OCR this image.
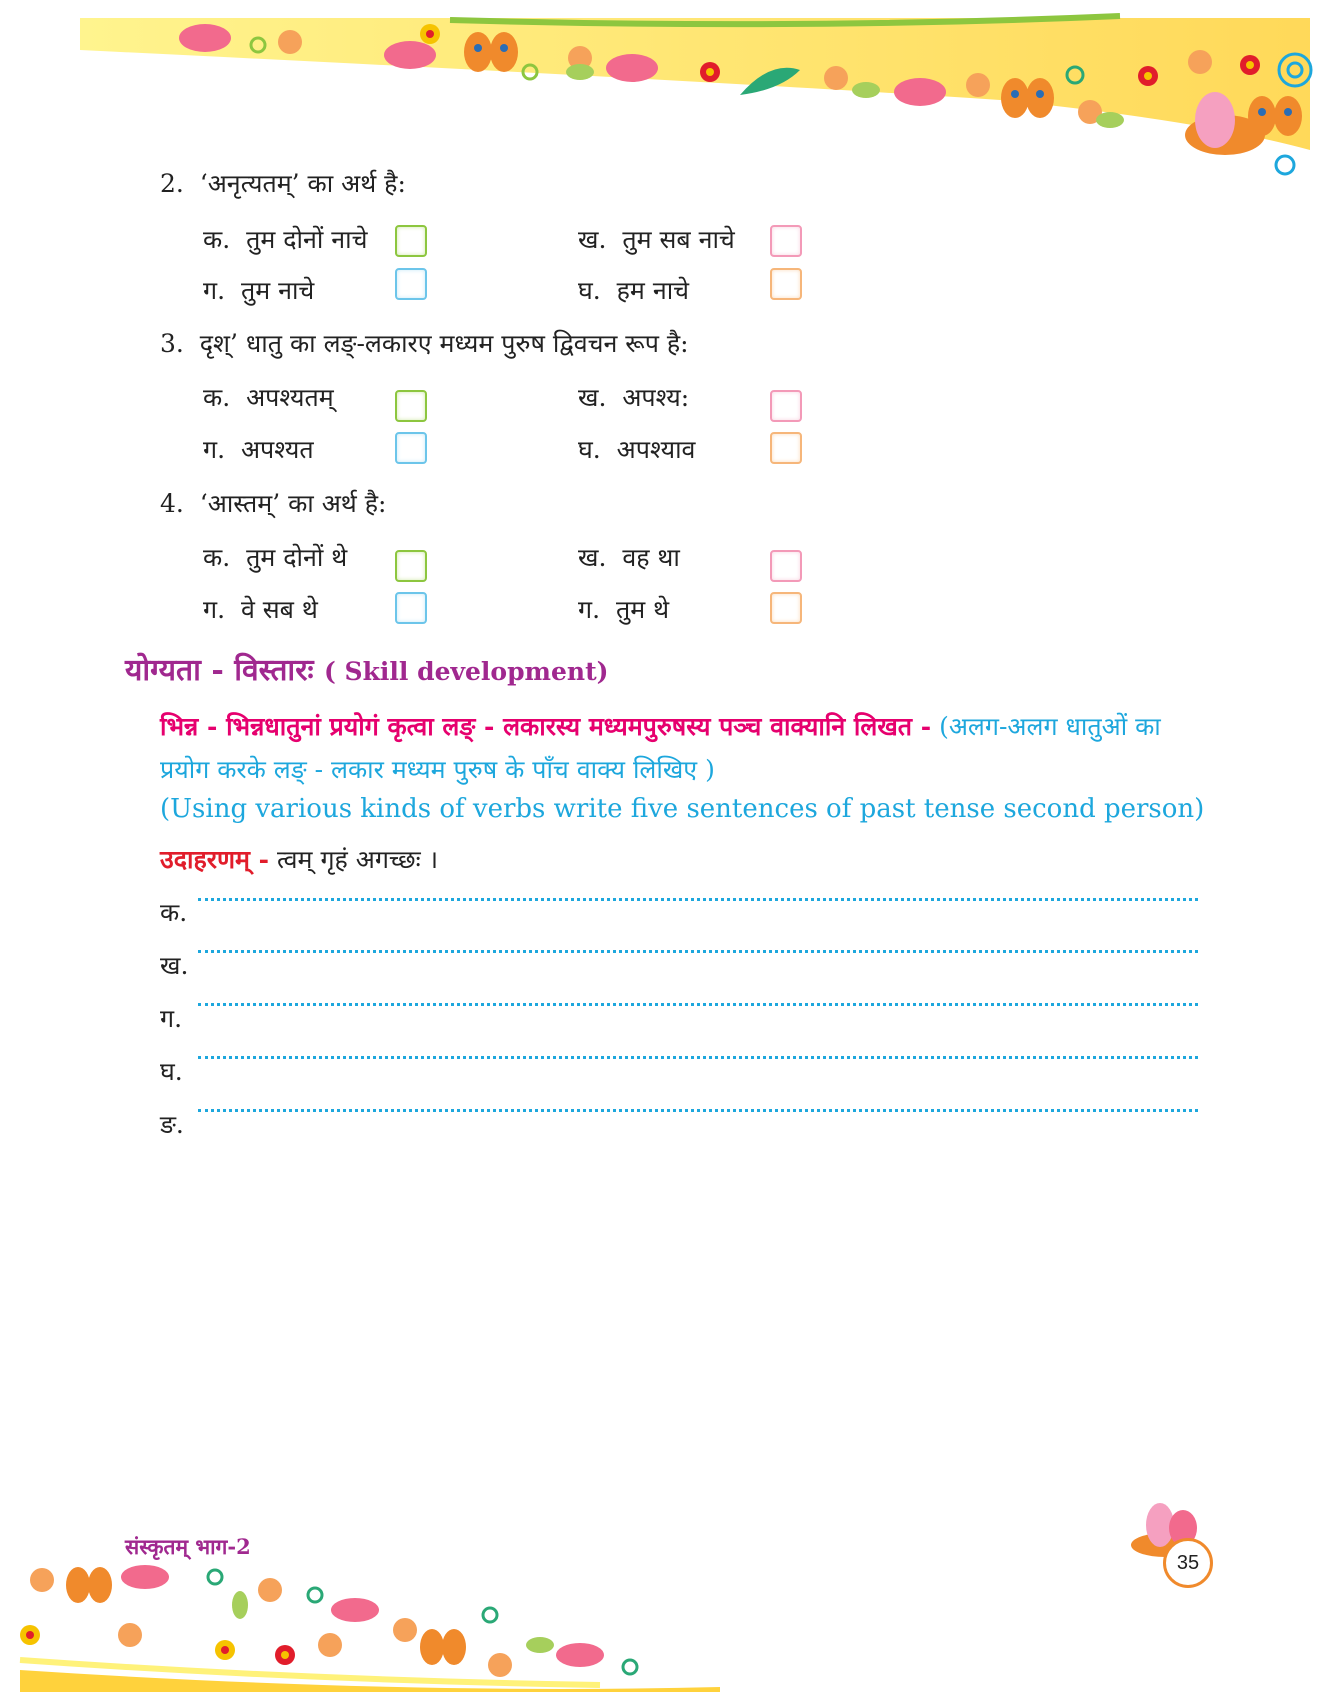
2. ‘अनृत्यतम्’ का अर्थ है:
क. तुम दोनों नाचे	ख. तुम सब नाचे
ग. तुम नाचे	घ. हम नाचे
3. दृश्’ धातु का लङ्-लकारए मध्यम पुरुष द्विवचन रूप है:
क. अपश्यतम्	ख. अपश्य:
ग. अपश्यत	घ. अपश्याव
4. ‘आस्तम्’ का अर्थ है:
क. तुम दोनों थे	ख. वह था
ग. वे सब थे	ग. तुम थे
योग्यता - विस्तारः ( Skill development)
भिन्न - भिन्नधातुनां प्रयोगं कृत्वा लङ् - लकारस्य मध्यमपुरुषस्य पञ्च वाक्यानि लिखत - (अलग-अलग धातुओं का प्रयोग करके लङ् - लकार मध्यम पुरुष के पाँच वाक्य लिखिए )
(Using various kinds of verbs write five sentences of past tense second person)
उदाहरणम् - त्वम् गृहं अगच्छः ।
क.
ख.
ग.
घ.
ङ.
संस्कृतम् भाग-2
35
